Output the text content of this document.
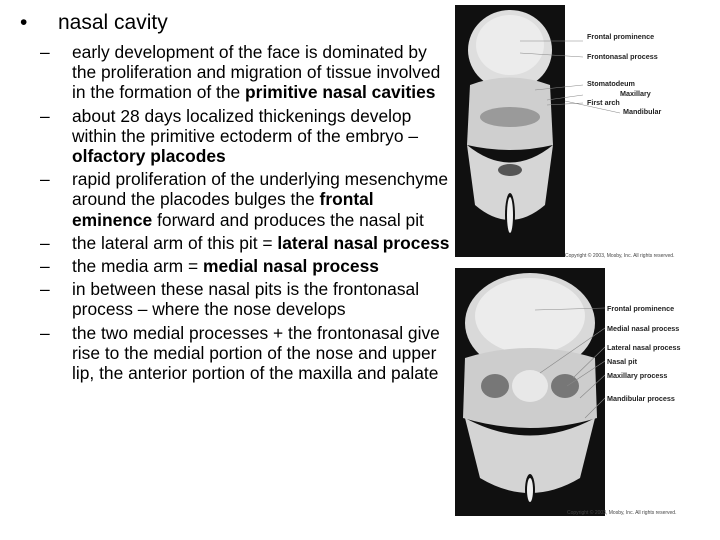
•	nasal cavity
– early development of the face is dominated by the proliferation and migration of tissue involved in the formation of the primitive nasal cavities
– about 28 days localized thickenings develop within the primitive ectoderm of the embryo – olfactory placodes
– rapid proliferation of the underlying mesenchyme around the placodes bulges the frontal eminence forward and produces the nasal pit
– the lateral arm of this pit = lateral nasal process
– the media arm = medial nasal process
– in between these nasal pits is the frontonasal process – where the nose develops
– the two medial processes + the frontonasal give rise to the medial portion of the nose and upper lip, the anterior portion of the maxilla and palate
Frontal prominence
Frontonasal process
Stomatodeum
Maxillary
First arch
Mandibular
Copyright © 2003, Mosby, Inc. All rights reserved.
Frontal prominence
Medial nasal process
Lateral nasal process
Nasal pit
Maxillary process
Mandibular process
Copyright © 2003, Mosby, Inc. All rights reserved.
